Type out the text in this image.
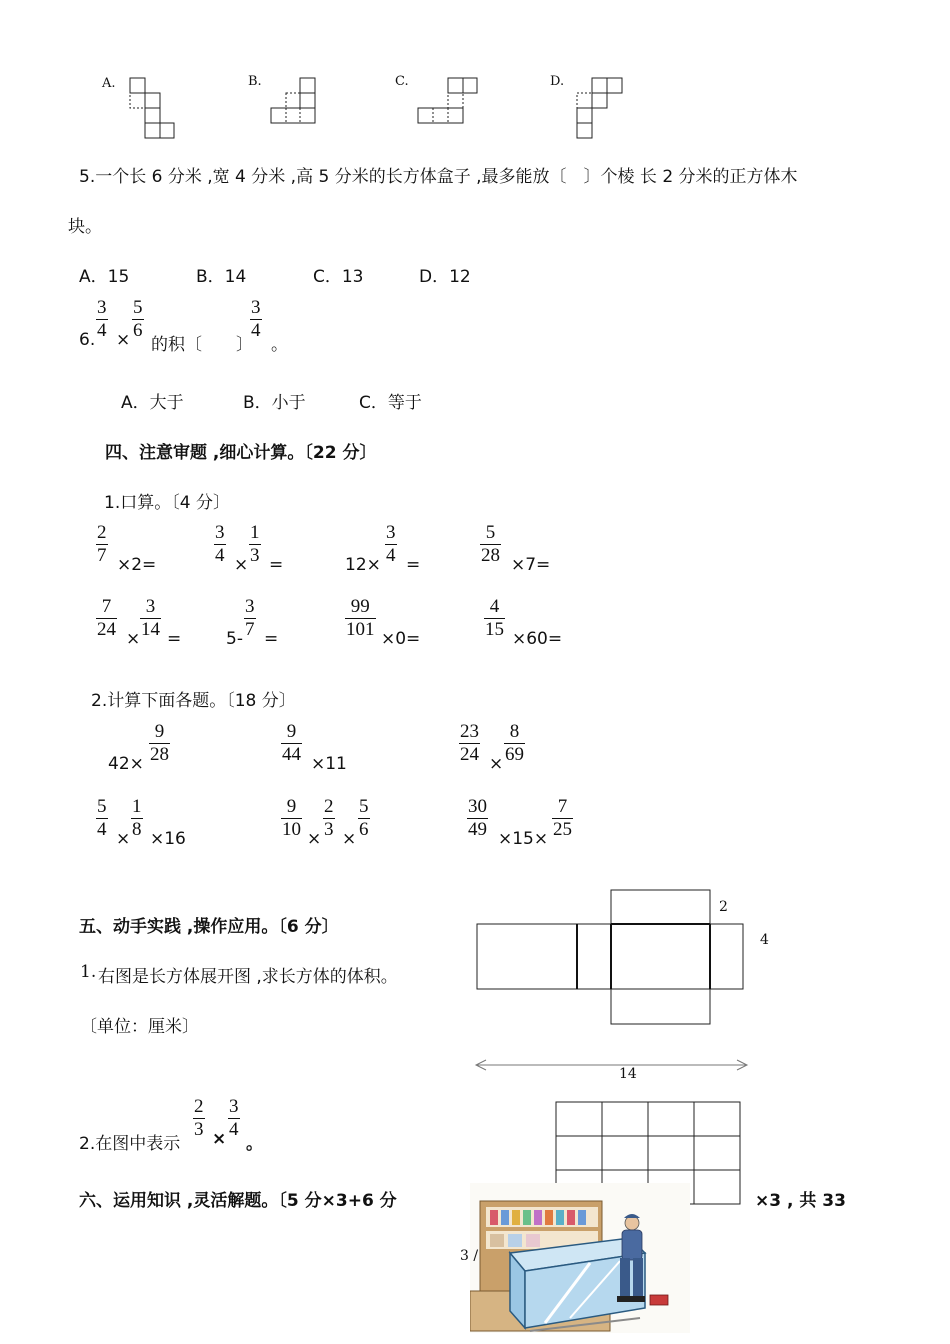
A.	B.	C.	D.
5.一个长 6 分米 ,宽 4 分米 ,高 5 分米的长方体盒子 ,最多能放〔　〕个棱 长 2 分米的正方体木
块。
A．15	B．14	C．13	D．12
6. $\frac{3}{4} \times \frac{5}{6}$
的积〔　　〕
$\frac{3}{4}$
。
A．大于	B．小于	C．等于
四、注意审题 ,细心计算。〔22 分〕
1.口算。〔4 分〕
$\frac{2}{7} \times 2=$	$\frac{3}{4} \times \frac{1}{3}$ =	$12\times \frac{3}{4}$ =	$\frac{5}{28} \times 7=$
$\frac{7}{24} \times \frac{3}{14}$ =	$5- \frac{3}{7}$ =	$\frac{99}{101} \times 0=$	$\frac{4}{15} \times 60=$
2.计算下面各题。〔18 分〕
$42\times \frac{9}{28}$	$\frac{9}{44} \times 11$	$\frac{23}{24} \times \frac{8}{69}$
$\frac{5}{4} \times \frac{1}{8} \times 16$	$\frac{9}{10} \times \frac{2}{3} \times \frac{5}{6}$	$\frac{30}{49} \times 15\times \frac{7}{25}$
五、动手实践 ,操作应用。〔6 分〕
1. 右图是长方体展开图 ,求长方体的体积。
〔单位：厘米〕
2
4
14
2.在图中表示
$\frac{2}{3} \times \frac{3}{4}$
。
六、运用知识 ,灵活解题。〔5 分×3+6 分	×3 , 共 33
3 /
